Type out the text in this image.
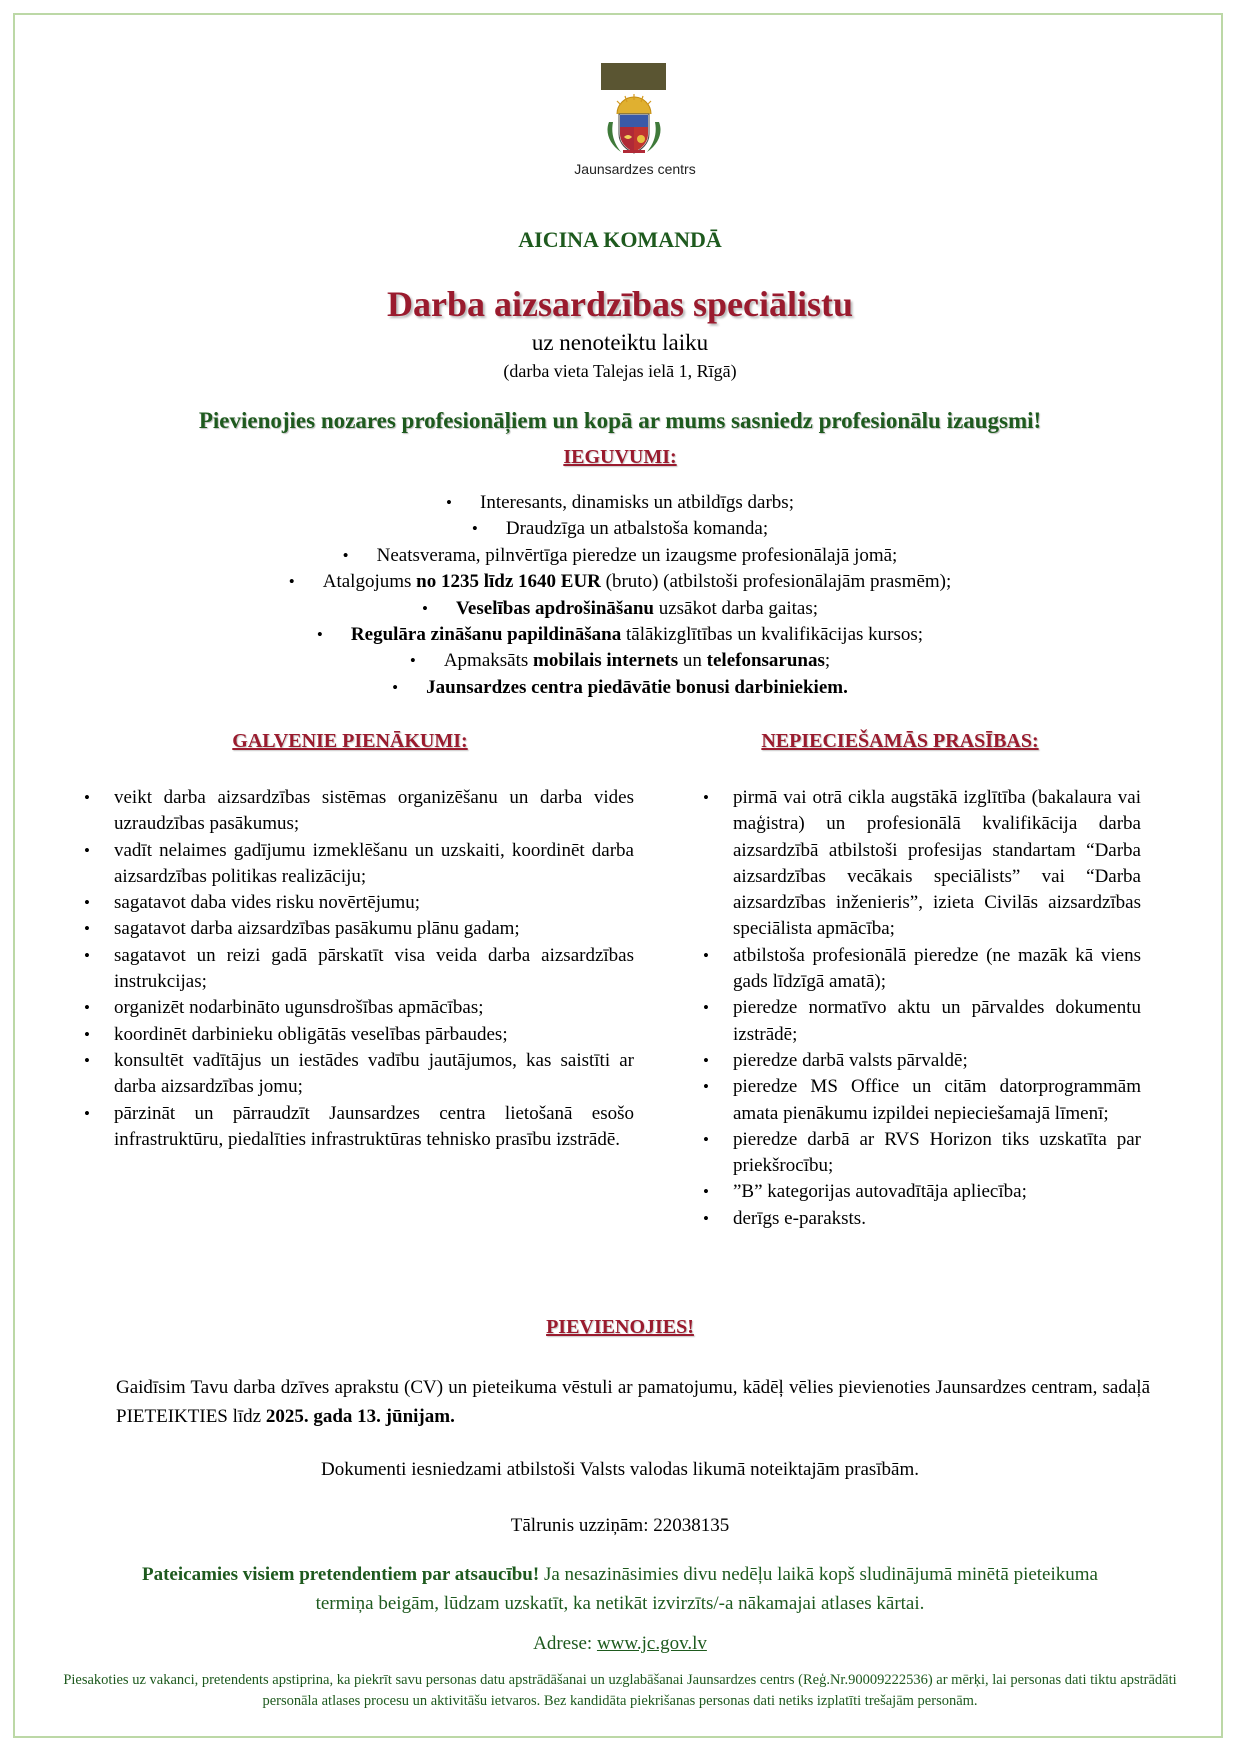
Jaunsardzes centrs
AICINA KOMANDĀ
Darba aizsardzības speciālistu
uz nenoteiktu laiku
(darba vieta Talejas ielā 1, Rīgā)
Pievienojies nozares profesionāļiem un kopā ar mums sasniedz profesionālu izaugsmi!
IEGUVUMI:
• Interesants, dinamisks un atbildīgs darbs;
• Draudzīga un atbalstoša komanda;
• Neatsverama, pilnvērtīga pieredze un izaugsme profesionālajā jomā;
• Atalgojums no 1235 līdz 1640 EUR (bruto) (atbilstoši profesionālajām prasmēm);
• Veselības apdrošināšanu uzsākot darba gaitas;
• Regulāra zināšanu papildināšana tālākizglītības un kvalifikācijas kursos;
• Apmaksāts mobilais internets un telefonsarunas;
• Jaunsardzes centra piedāvātie bonusi darbiniekiem.
GALVENIE PIENĀKUMI:	NEPIECIEŠAMĀS PRASĪBAS:
• veikt darba aizsardzības sistēmas organizēšanu un darba vides uzraudzības pasākumus;
• vadīt nelaimes gadījumu izmeklēšanu un uzskaiti, koordinēt darba aizsardzības politikas realizāciju;
• sagatavot daba vides risku novērtējumu;
• sagatavot darba aizsardzības pasākumu plānu gadam;
• sagatavot un reizi gadā pārskatīt visa veida darba aizsardzības instrukcijas;
• organizēt nodarbināto ugunsdrošības apmācības;
• koordinēt darbinieku obligātās veselības pārbaudes;
• konsultēt vadītājus un iestādes vadību jautājumos, kas saistīti ar darba aizsardzības jomu;
• pārzināt un pārraudzīt Jaunsardzes centra lietošanā esošo infrastruktūru, piedalīties infrastruktūras tehnisko prasību izstrādē.
• pirmā vai otrā cikla augstākā izglītība (bakalaura vai maģistra) un profesionālā kvalifikācija darba aizsardzībā atbilstoši profesijas standartam “Darba aizsardzības vecākais speciālists” vai “Darba aizsardzības inženieris”, izieta Civilās aizsardzības speciālista apmācība;
• atbilstoša profesionālā pieredze (ne mazāk kā viens gads līdzīgā amatā);
• pieredze normatīvo aktu un pārvaldes dokumentu izstrādē;
• pieredze darbā valsts pārvaldē;
• pieredze MS Office un citām datorprogrammām amata pienākumu izpildei nepieciešamajā līmenī;
• pieredze darbā ar RVS Horizon tiks uzskatīta par priekšrocību;
• ”B” kategorijas autovadītāja apliecība;
• derīgs e-paraksts.
PIEVIENOJIES!
Gaidīsim Tavu darba dzīves aprakstu (CV) un pieteikuma vēstuli ar pamatojumu, kādēļ vēlies pievienoties Jaunsardzes centram, sadaļā PIETEIKTIES līdz 2025. gada 13. jūnijam.
Dokumenti iesniedzami atbilstoši Valsts valodas likumā noteiktajām prasībām.
Tālrunis uzziņām: 22038135
Pateicamies visiem pretendentiem par atsaucību! Ja nesazināsimies divu nedēļu laikā kopš sludinājumā minētā pieteikuma termiņa beigām, lūdzam uzskatīt, ka netikāt izvirzīts/-a nākamajai atlases kārtai.
Adrese: www.jc.gov.lv
Piesakoties uz vakanci, pretendents apstiprina, ka piekrīt savu personas datu apstrādāšanai un uzglabāšanai Jaunsardzes centrs (Reģ.Nr.90009222536) ar mērķi, lai personas dati tiktu apstrādāti personāla atlases procesu un aktivitāšu ietvaros. Bez kandidāta piekrišanas personas dati netiks izplatīti trešajām personām.
